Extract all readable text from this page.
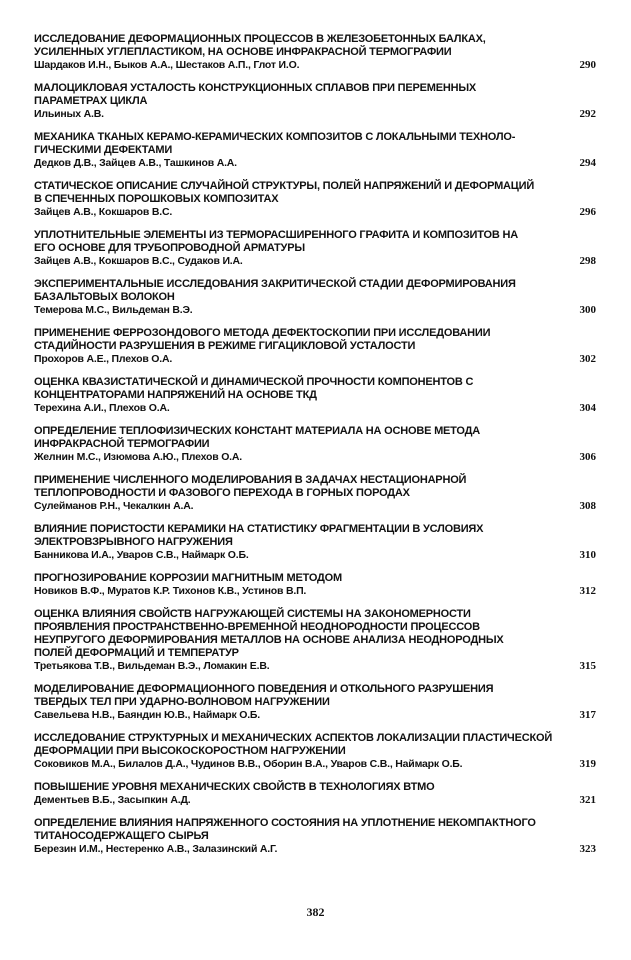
ИССЛЕДОВАНИЕ ДЕФОРМАЦИОННЫХ ПРОЦЕССОВ В ЖЕЛЕЗОБЕТОННЫХ БАЛКАХ,
УСИЛЕННЫХ УГЛЕПЛАСТИКОМ, НА ОСНОВЕ ИНФРАКРАСНОЙ ТЕРМОГРАФИИ
Шардаков И.Н., Быков А.А., Шестаков А.П., Глот И.О.	290
МАЛОЦИКЛОВАЯ УСТАЛОСТЬ КОНСТРУКЦИОННЫХ СПЛАВОВ ПРИ ПЕРЕМЕННЫХ
ПАРАМЕТРАХ ЦИКЛА
Ильиных А.В.	292
МЕХАНИКА ТКАНЫХ КЕРАМО-КЕРАМИЧЕСКИХ КОМПОЗИТОВ С ЛОКАЛЬНЫМИ ТЕХНОЛО-
ГИЧЕСКИМИ ДЕФЕКТАМИ
Дедков Д.В., Зайцев А.В., Ташкинов А.А.	294
СТАТИЧЕСКОЕ ОПИСАНИЕ СЛУЧАЙНОЙ СТРУКТУРЫ, ПОЛЕЙ НАПРЯЖЕНИЙ И ДЕФОРМАЦИЙ
В СПЕЧЕННЫХ ПОРОШКОВЫХ КОМПОЗИТАХ
Зайцев А.В., Кокшаров В.С.	296
УПЛОТНИТЕЛЬНЫЕ ЭЛЕМЕНТЫ ИЗ ТЕРМОРАСШИРЕННОГО ГРАФИТА И КОМПОЗИТОВ НА
ЕГО ОСНОВЕ ДЛЯ ТРУБОПРОВОДНОЙ АРМАТУРЫ
Зайцев А.В., Кокшаров В.С., Судаков И.А.	298
ЭКСПЕРИМЕНТАЛЬНЫЕ ИССЛЕДОВАНИЯ ЗАКРИТИЧЕСКОЙ СТАДИИ ДЕФОРМИРОВАНИЯ
БАЗАЛЬТОВЫХ ВОЛОКОН
Темерова М.С., Вильдеман В.Э.	300
ПРИМЕНЕНИЕ ФЕРРОЗОНДОВОГО МЕТОДА ДЕФЕКТОСКОПИИ ПРИ ИССЛЕДОВАНИИ
СТАДИЙНОСТИ РАЗРУШЕНИЯ В РЕЖИМЕ ГИГАЦИКЛОВОЙ УСТАЛОСТИ
Прохоров А.Е., Плехов О.А.	302
ОЦЕНКА КВАЗИСТАТИЧЕСКОЙ И ДИНАМИЧЕСКОЙ ПРОЧНОСТИ КОМПОНЕНТОВ С
КОНЦЕНТРАТОРАМИ НАПРЯЖЕНИЙ НА ОСНОВЕ ТКД
Терехина А.И., Плехов О.А.	304
ОПРЕДЕЛЕНИЕ ТЕПЛОФИЗИЧЕСКИХ КОНСТАНТ МАТЕРИАЛА НА ОСНОВЕ МЕТОДА
ИНФРАКРАСНОЙ ТЕРМОГРАФИИ
Желнин М.С., Изюмова А.Ю., Плехов О.А.	306
ПРИМЕНЕНИЕ ЧИСЛЕННОГО МОДЕЛИРОВАНИЯ В ЗАДАЧАХ НЕСТАЦИОНАРНОЙ
ТЕПЛОПРОВОДНОСТИ И ФАЗОВОГО ПЕРЕХОДА В ГОРНЫХ ПОРОДАХ
Сулейманов Р.Н., Чекалкин А.А.	308
ВЛИЯНИЕ ПОРИСТОСТИ КЕРАМИКИ НА СТАТИСТИКУ ФРАГМЕНТАЦИИ В УСЛОВИЯХ
ЭЛЕКТРОВЗРЫВНОГО НАГРУЖЕНИЯ
Банникова И.А., Уваров С.В., Наймарк О.Б.	310
ПРОГНОЗИРОВАНИЕ КОРРОЗИИ МАГНИТНЫМ МЕТОДОМ
Новиков В.Ф., Муратов К.Р. Тихонов К.В., Устинов В.П.	312
ОЦЕНКА ВЛИЯНИЯ СВОЙСТВ НАГРУЖАЮЩЕЙ СИСТЕМЫ НА ЗАКОНОМЕРНОСТИ
ПРОЯВЛЕНИЯ ПРОСТРАНСТВЕННО-ВРЕМЕННОЙ НЕОДНОРОДНОСТИ ПРОЦЕССОВ
НЕУПРУГОГО ДЕФОРМИРОВАНИЯ МЕТАЛЛОВ НА ОСНОВЕ АНАЛИЗА НЕОДНОРОДНЫХ
ПОЛЕЙ ДЕФОРМАЦИЙ И ТЕМПЕРАТУР
Третьякова Т.В., Вильдеман В.Э., Ломакин Е.В.	315
МОДЕЛИРОВАНИЕ ДЕФОРМАЦИОННОГО ПОВЕДЕНИЯ И ОТКОЛЬНОГО РАЗРУШЕНИЯ
ТВЕРДЫХ ТЕЛ ПРИ УДАРНО-ВОЛНОВОМ НАГРУЖЕНИИ
Савельева Н.В., Баяндин Ю.В., Наймарк О.Б.	317
ИССЛЕДОВАНИЕ СТРУКТУРНЫХ И МЕХАНИЧЕСКИХ АСПЕКТОВ ЛОКАЛИЗАЦИИ ПЛАСТИЧЕСКОЙ
ДЕФОРМАЦИИ ПРИ ВЫСОКОСКОРОСТНОМ НАГРУЖЕНИИ
Соковиков М.А., Билалов Д.А., Чудинов В.В., Оборин В.А., Уваров С.В., Наймарк О.Б.	319
ПОВЫШЕНИЕ УРОВНЯ МЕХАНИЧЕСКИХ СВОЙСТВ В ТЕХНОЛОГИЯХ ВТМО
Дементьев В.Б., Засыпкин А.Д.	321
ОПРЕДЕЛЕНИЕ ВЛИЯНИЯ НАПРЯЖЕННОГО СОСТОЯНИЯ НА УПЛОТНЕНИЕ НЕКОМПАКТНОГО
ТИТАНОСОДЕРЖАЩЕГО СЫРЬЯ
Березин И.М., Нестеренко А.В., Залазинский А.Г.	323
382
